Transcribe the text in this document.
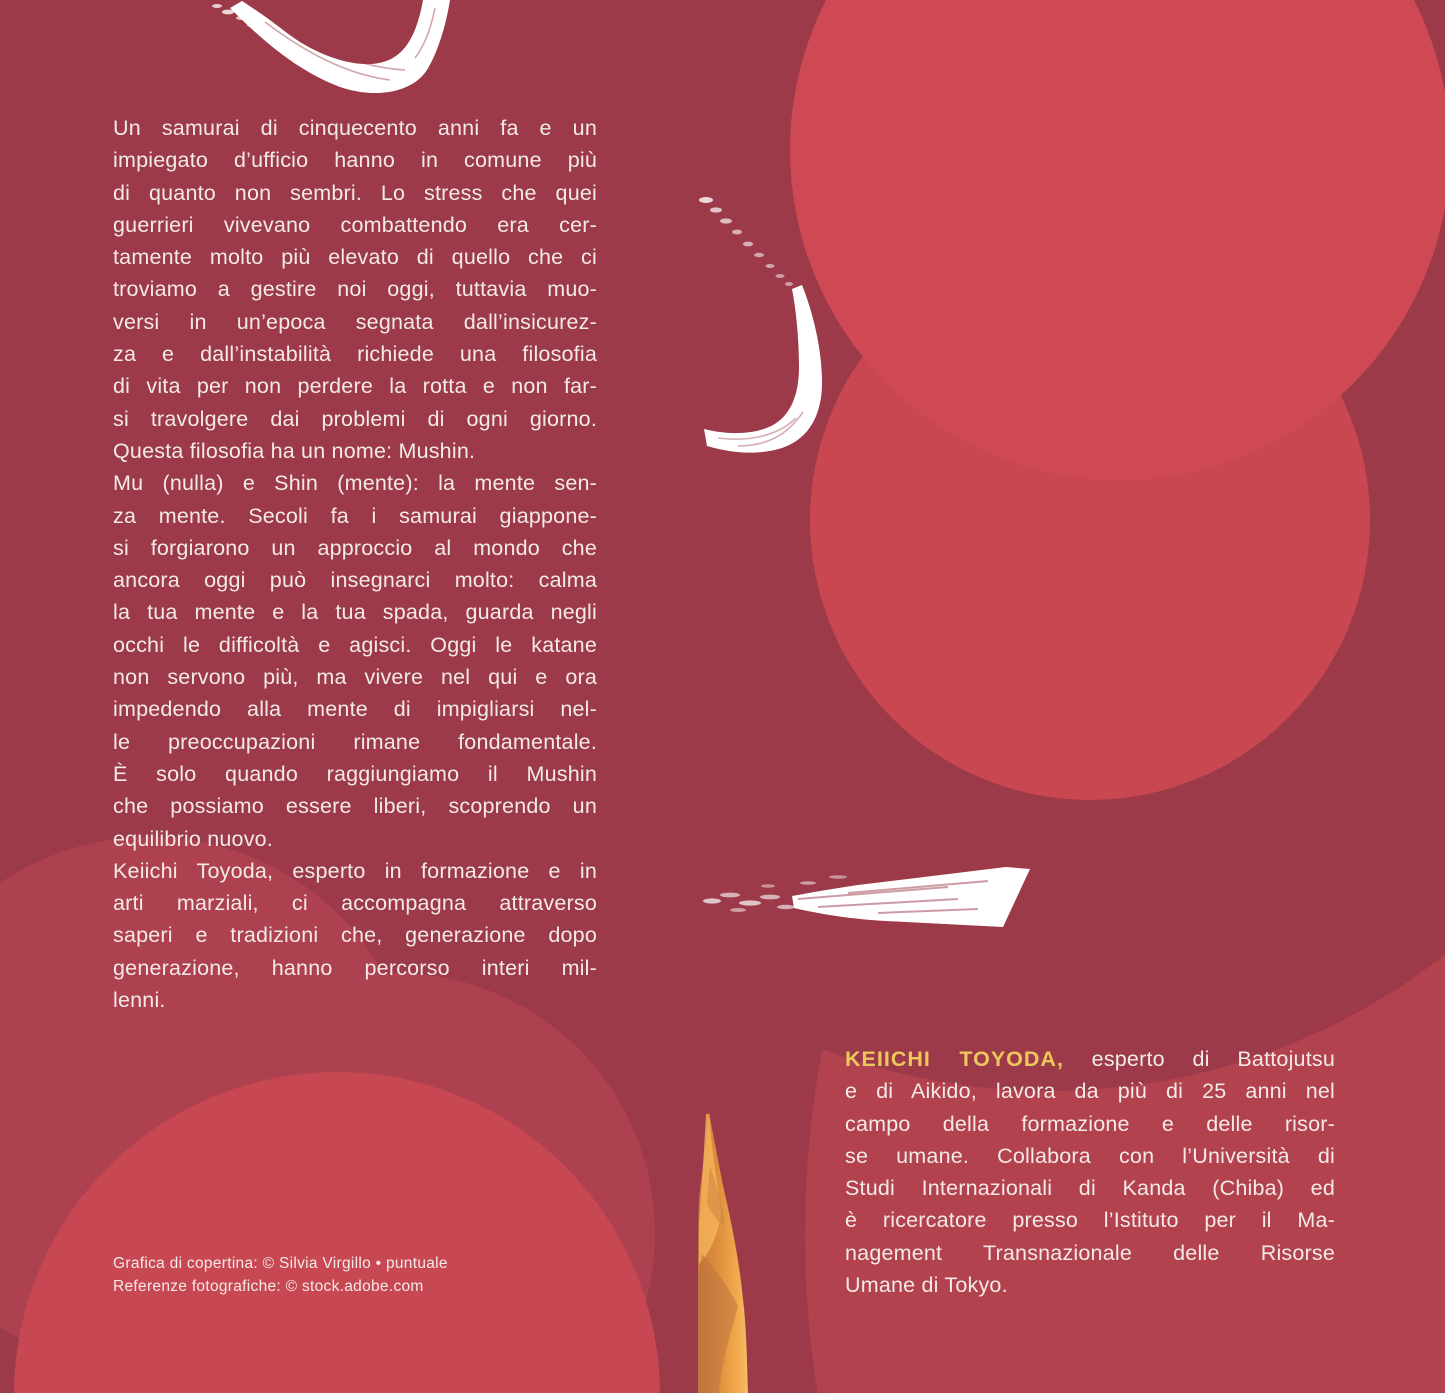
Un samurai di cinquecento anni fa e un
impiegato d’ufficio hanno in comune più
di quanto non sembri. Lo stress che quei
guerrieri vivevano combattendo era cer-
tamente molto più elevato di quello che ci
troviamo a gestire noi oggi, tuttavia muo-
versi in un’epoca segnata dall’insicurez-
za e dall’instabilità richiede una filosofia
di vita per non perdere la rotta e non far-
si travolgere dai problemi di ogni giorno.
Questa filosofia ha un nome: Mushin.
Mu (nulla) e Shin (mente): la mente sen-
za mente. Secoli fa i samurai giappone-
si forgiarono un approccio al mondo che
ancora oggi può insegnarci molto: calma
la tua mente e la tua spada, guarda negli
occhi le difficoltà e agisci. Oggi le katane
non servono più, ma vivere nel qui e ora
impedendo alla mente di impigliarsi nel-
le preoccupazioni rimane fondamentale.
È solo quando raggiungiamo il Mushin
che possiamo essere liberi, scoprendo un
equilibrio nuovo.
Keiichi Toyoda, esperto in formazione e in
arti marziali, ci accompagna attraverso
saperi e tradizioni che, generazione dopo
generazione, hanno percorso interi mil-
lenni.
Grafica di copertina: © Silvia Virgillo • puntuale
Referenze fotografiche: © stock.adobe.com
KEIICHI TOYODA, esperto di Battojutsu
e di Aikido, lavora da più di 25 anni nel
campo della formazione e delle risor-
se umane. Collabora con l’Università di
Studi Internazionali di Kanda (Chiba) ed
è ricercatore presso l’Istituto per il Ma-
nagement Transnazionale delle Risorse
Umane di Tokyo.
